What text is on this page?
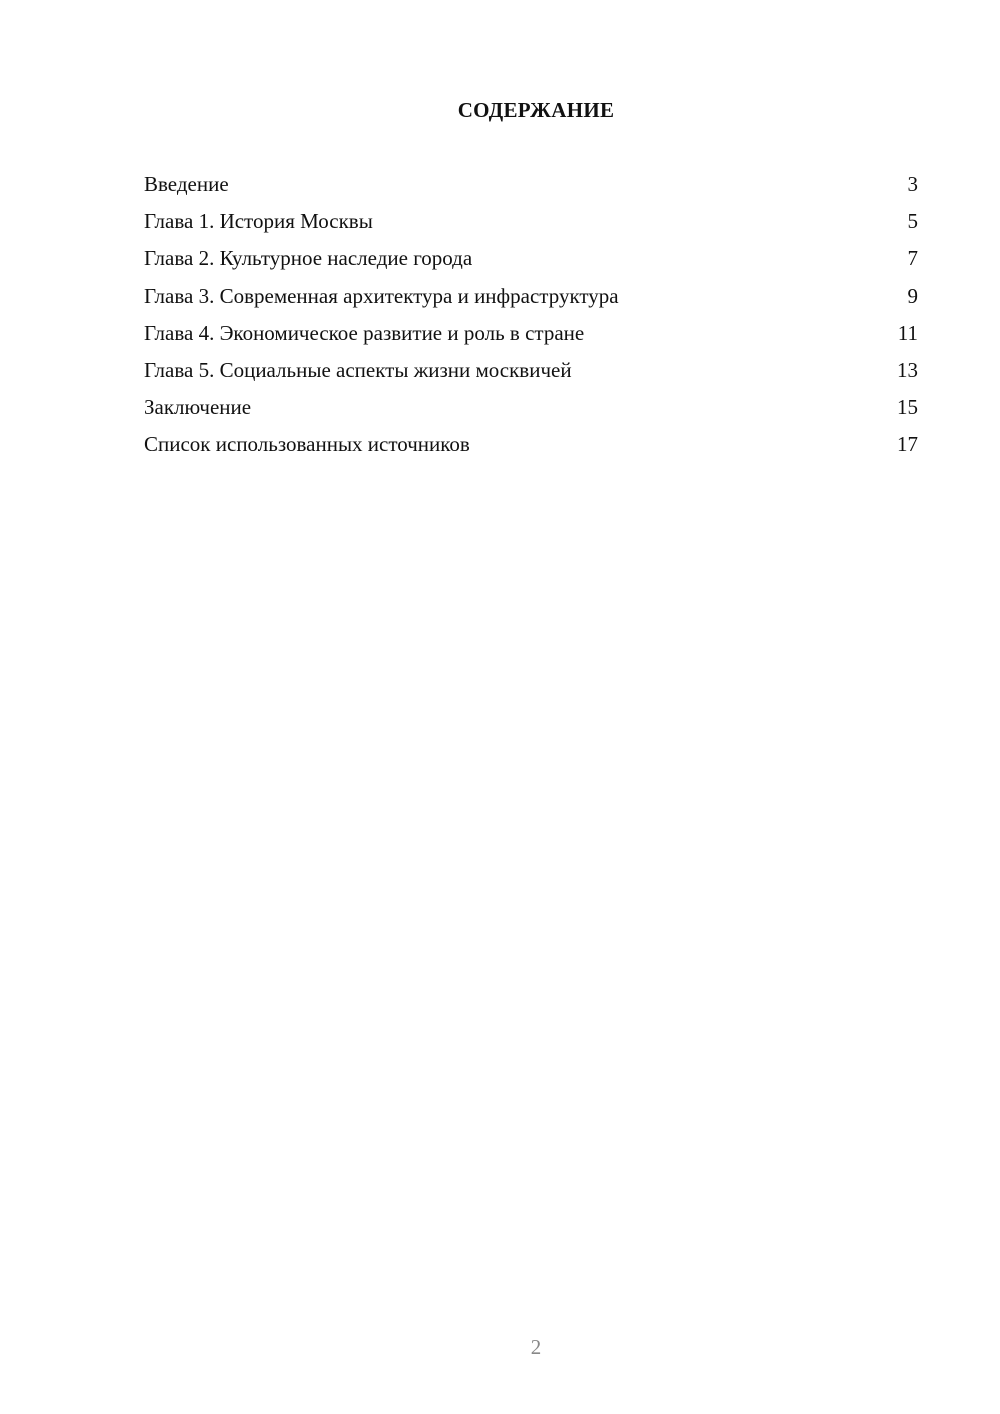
СОДЕРЖАНИЕ
Введение	3
Глава 1. История Москвы	5
Глава 2. Культурное наследие города	7
Глава 3. Современная архитектура и инфраструктура	9
Глава 4. Экономическое развитие и роль в стране	11
Глава 5. Социальные аспекты жизни москвичей	13
Заключение	15
Список использованных источников	17
2
